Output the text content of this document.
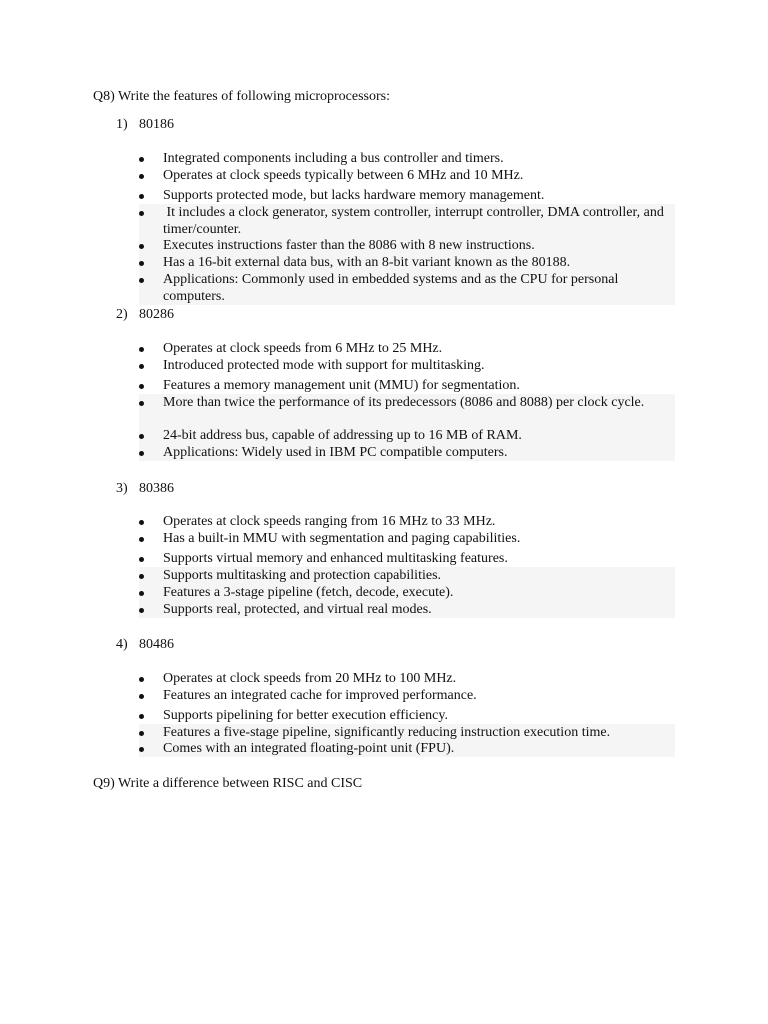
Q8) Write the features of following microprocessors:
1) 80186
Integrated components including a bus controller and timers.
Operates at clock speeds typically between 6 MHz and 10 MHz.
Supports protected mode, but lacks hardware memory management.
It includes a clock generator, system controller, interrupt controller, DMA controller, and timer/counter.
Executes instructions faster than the 8086 with 8 new instructions.
Has a 16-bit external data bus, with an 8-bit variant known as the 80188.
Applications: Commonly used in embedded systems and as the CPU for personal computers.
2) 80286
Operates at clock speeds from 6 MHz to 25 MHz.
Introduced protected mode with support for multitasking.
Features a memory management unit (MMU) for segmentation.
More than twice the performance of its predecessors (8086 and 8088) per clock cycle.
24-bit address bus, capable of addressing up to 16 MB of RAM.
Applications: Widely used in IBM PC compatible computers.
3) 80386
Operates at clock speeds ranging from 16 MHz to 33 MHz.
Has a built-in MMU with segmentation and paging capabilities.
Supports virtual memory and enhanced multitasking features.
Supports multitasking and protection capabilities.
Features a 3-stage pipeline (fetch, decode, execute).
Supports real, protected, and virtual real modes.
4) 80486
Operates at clock speeds from 20 MHz to 100 MHz.
Features an integrated cache for improved performance.
Supports pipelining for better execution efficiency.
Features a five-stage pipeline, significantly reducing instruction execution time.
Comes with an integrated floating-point unit (FPU).
Q9) Write a difference between RISC and CISC
